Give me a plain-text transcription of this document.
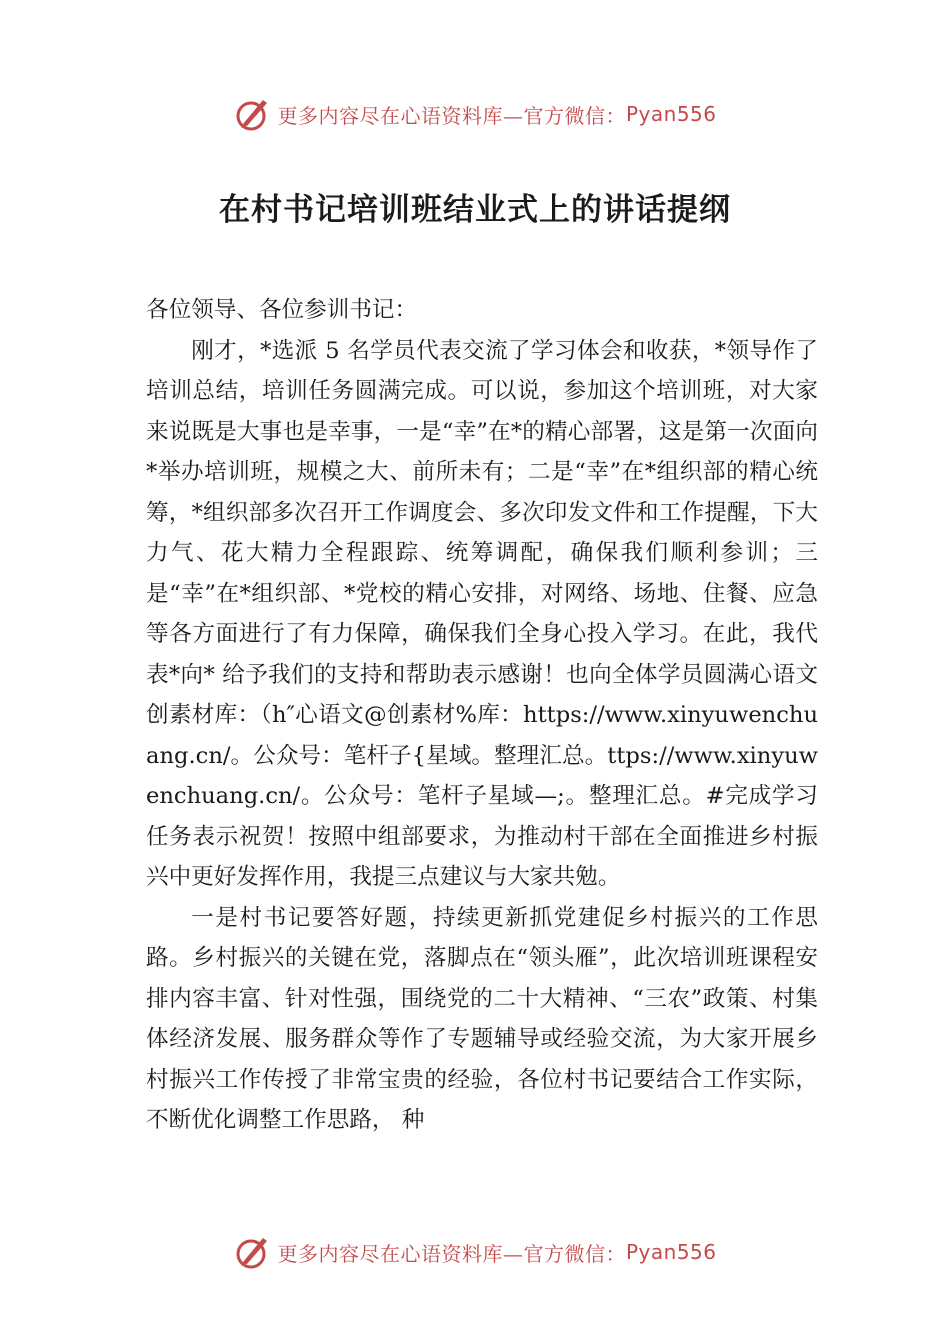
更多内容尽在心语资料库—官方微信： Pyan556
在村书记培训班结业式上的讲话提纲

各位领导、各位参训书记：

刚才，*选派 5 名学员代表交流了学习体会和收获，*领导作了培训总结，培训任务圆满完成。可以说，参加这个培训班，对大家来说既是大事也是幸事，一是“幸”在*的精心部署，这是第一次面向*举办培训班，规模之大、前所未有；二是“幸”在*组织部的精心统筹，*组织部多次召开工作调度会、多次印发文件和工作提醒，下大力气、花大精力全程跟踪、统筹调配，确保我们顺利参训；三是“幸”在*组织部、*党校的精心安排，对网络、场地、住餐、应急等各方面进行了有力保障，确保我们全身心投入学习。在此，我代表*向* 给予我们的支持和帮助表示感谢！也向全体学员圆满心语文创素材库：（h″心语文@创素材%库：https://www.xinyuwenchuang.cn/。公众号：笔杆子{星域。整理汇总。ttps://www.xinyuwenchuang.cn/。公众号：笔杆子星域—;。整理汇总。#完成学习任务表示祝贺！按照中组部要求，为推动村干部在全面推进乡村振兴中更好发挥作用，我提三点建议与大家共勉。

一是村书记要答好题，持续更新抓党建促乡村振兴的工作思路。乡村振兴的关键在党，落脚点在“领头雁”，此次培训班课程安排内容丰富、针对性强，围绕党的二十大精神、“三农”政策、村集体经济发展、服务群众等作了专题辅导或经验交流，为大家开展乡村振兴工作传授了非常宝贵的经验，各位村书记要结合工作实际，不断优化调整工作思路， 种

更多内容尽在心语资料库—官方微信： Pyan556
